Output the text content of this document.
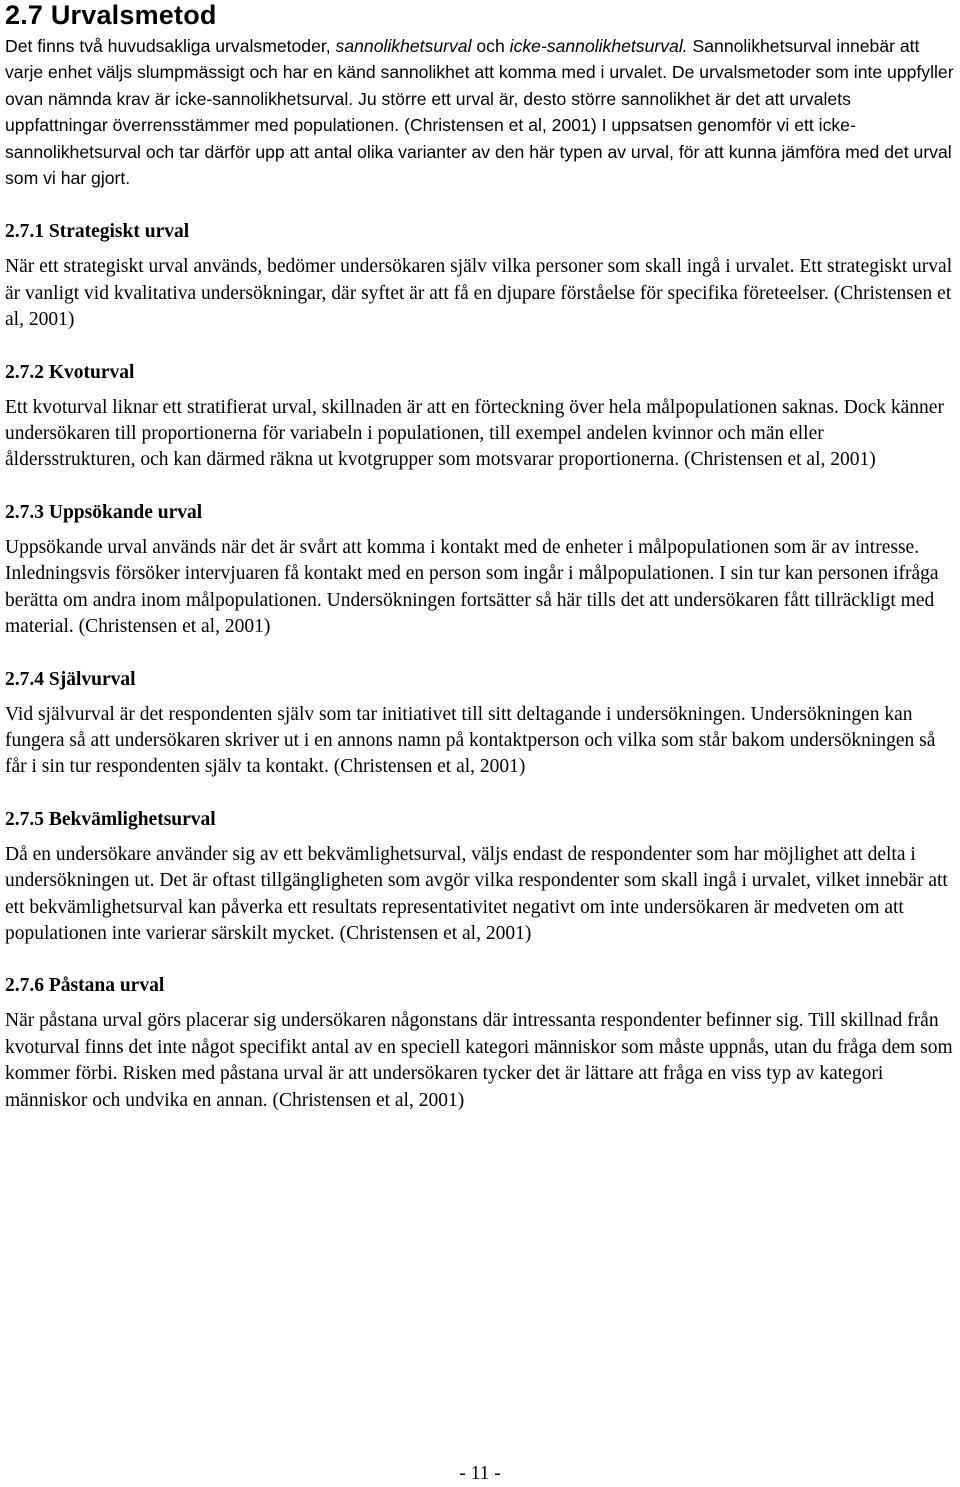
2.7 Urvalsmetod

Det finns två huvudsakliga urvalsmetoder, sannolikhetsurval och icke-sannolikhetsurval. Sannolikhetsurval innebär att varje enhet väljs slumpmässigt och har en känd sannolikhet att komma med i urvalet. De urvalsmetoder som inte uppfyller ovan nämnda krav är icke-sannolikhetsurval. Ju större ett urval är, desto större sannolikhet är det att urvalets uppfattningar överrensstämmer med populationen. (Christensen et al, 2001) I uppsatsen genomför vi ett icke-sannolikhetsurval och tar därför upp att antal olika varianter av den här typen av urval, för att kunna jämföra med det urval som vi har gjort.

2.7.1 Strategiskt urval

När ett strategiskt urval används, bedömer undersökaren själv vilka personer som skall ingå i urvalet. Ett strategiskt urval är vanligt vid kvalitativa undersökningar, där syftet är att få en djupare förståelse för specifika företeelser. (Christensen et al, 2001)

2.7.2 Kvoturval

Ett kvoturval liknar ett stratifierat urval, skillnaden är att en förteckning över hela målpopulationen saknas. Dock känner undersökaren till proportionerna för variabeln i populationen, till exempel andelen kvinnor och män eller åldersstrukturen, och kan därmed räkna ut kvotgrupper som motsvarar proportionerna. (Christensen et al, 2001)

2.7.3 Uppsökande urval

Uppsökande urval används när det är svårt att komma i kontakt med de enheter i målpopulationen som är av intresse. Inledningsvis försöker intervjuaren få kontakt med en person som ingår i målpopulationen. I sin tur kan personen ifråga berätta om andra inom målpopulationen. Undersökningen fortsätter så här tills det att undersökaren fått tillräckligt med material. (Christensen et al, 2001)

2.7.4 Självurval

Vid självurval är det respondenten själv som tar initiativet till sitt deltagande i undersökningen. Undersökningen kan fungera så att undersökaren skriver ut i en annons namn på kontaktperson och vilka som står bakom undersökningen så får i sin tur respondenten själv ta kontakt. (Christensen et al, 2001)

2.7.5 Bekvämlighetsurval

Då en undersökare använder sig av ett bekvämlighetsurval, väljs endast de respondenter som har möjlighet att delta i undersökningen ut. Det är oftast tillgängligheten som avgör vilka respondenter som skall ingå i urvalet, vilket innebär att ett bekvämlighetsurval kan påverka ett resultats representativitet negativt om inte undersökaren är medveten om att populationen inte varierar särskilt mycket. (Christensen et al, 2001)

2.7.6 Påstana urval

När påstana urval görs placerar sig undersökaren någonstans där intressanta respondenter befinner sig. Till skillnad från kvoturval finns det inte något specifikt antal av en speciell kategori människor som måste uppnås, utan du fråga dem som kommer förbi. Risken med påstana urval är att undersökaren tycker det är lättare att fråga en viss typ av kategori människor och undvika en annan. (Christensen et al, 2001)

- 11 -
